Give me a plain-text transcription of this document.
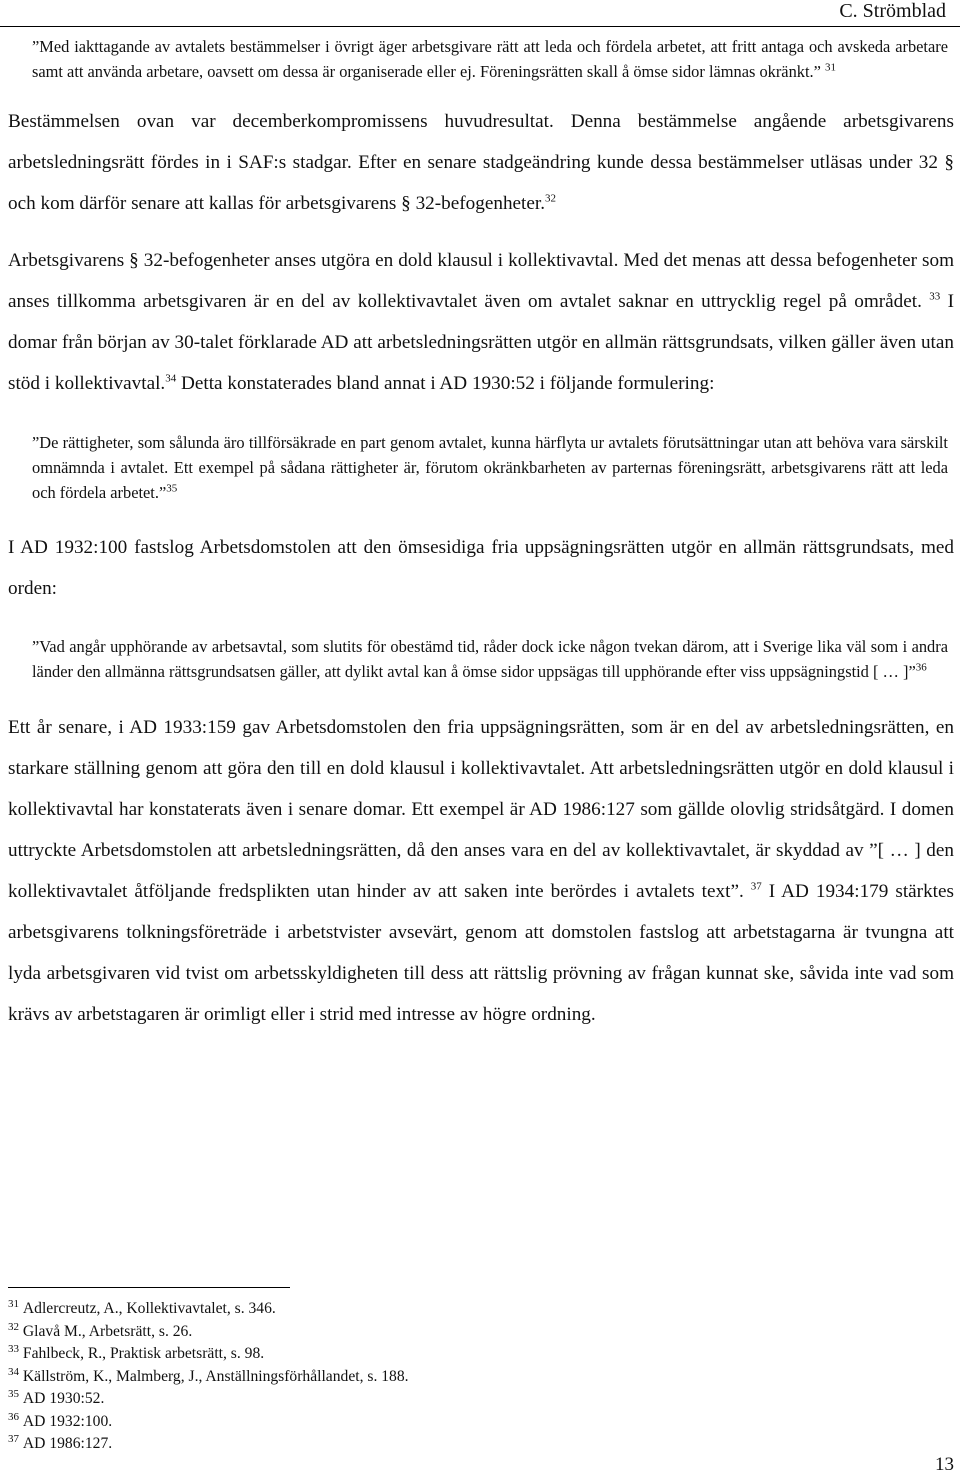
C. Strömblad

”Med iakttagande av avtalets bestämmelser i övrigt äger arbetsgivare rätt att leda och fördela arbetet, att fritt antaga och avskeda arbetare samt att använda arbetare, oavsett om dessa är organiserade eller ej. Föreningsrätten skall å ömse sidor lämnas okränkt.” $^{31}$

Bestämmelsen ovan var decemberkompromissens huvudresultat. Denna bestämmelse angående arbetsgivarens arbetsledningsrätt fördes in i SAF:s stadgar. Efter en senare stadgeändring kunde dessa bestämmelser utläsas under 32 § och kom därför senare att kallas för arbetsgivarens § 32-befogenheter.$^{32}$

Arbetsgivarens § 32-befogenheter anses utgöra en dold klausul i kollektivavtal. Med det menas att dessa befogenheter som anses tillkomma arbetsgivaren är en del av kollektivavtalet även om avtalet saknar en uttrycklig regel på området. $^{33}$ I domar från början av 30-talet förklarade AD att arbetsledningsrätten utgör en allmän rättsgrundsats, vilken gäller även utan stöd i kollektivavtal.$^{34}$ Detta konstaterades bland annat i AD 1930:52 i följande formulering:

”De rättigheter, som sålunda äro tillförsäkrade en part genom avtalet, kunna härflyta ur avtalets förutsättningar utan att behöva vara särskilt omnämnda i avtalet. Ett exempel på sådana rättigheter är, förutom okränkbarheten av parternas föreningsrätt, arbetsgivarens rätt att leda och fördela arbetet.”$^{35}$

I AD 1932:100 fastslog Arbetsdomstolen att den ömsesidiga fria uppsägningsrätten utgör en allmän rättsgrundsats, med orden:

”Vad angår upphörande av arbetsavtal, som slutits för obestämd tid, råder dock icke någon tvekan därom, att i Sverige lika väl som i andra länder den allmänna rättsgrundsatsen gäller, att dylikt avtal kan å ömse sidor uppsägas till upphörande efter viss uppsägningstid [ … ]”$^{36}$

Ett år senare, i AD 1933:159 gav Arbetsdomstolen den fria uppsägningsrätten, som är en del av arbetsledningsrätten, en starkare ställning genom att göra den till en dold klausul i kollektivavtalet. Att arbetsledningsrätten utgör en dold klausul i kollektivavtal har konstaterats även i senare domar. Ett exempel är AD 1986:127 som gällde olovlig stridsåtgärd. I domen uttryckte Arbetsdomstolen att arbetsledningsrätten, då den anses vara en del av kollektivavtalet, är skyddad av ”[ … ] den kollektivavtalet åtföljande fredsplikten utan hinder av att saken inte berördes i avtalets text”. $^{37}$ I AD 1934:179 stärktes arbetsgivarens tolkningsföreträde i arbetstvister avsevärt, genom att domstolen fastslog att arbetstagarna är tvungna att lyda arbetsgivaren vid tvist om arbetsskyldigheten till dess att rättslig prövning av frågan kunnat ske, såvida inte vad som krävs av arbetstagaren är orimligt eller i strid med intresse av högre ordning.

$^{31}$ Adlercreutz, A., Kollektivavtalet, s. 346.
$^{32}$ Glavå M., Arbetsrätt, s. 26.
$^{33}$ Fahlbeck, R., Praktisk arbetsrätt, s. 98.
$^{34}$ Källström, K., Malmberg, J., Anställningsförhållandet, s. 188.
$^{35}$ AD 1930:52.
$^{36}$ AD 1932:100.
$^{37}$ AD 1986:127.
13
